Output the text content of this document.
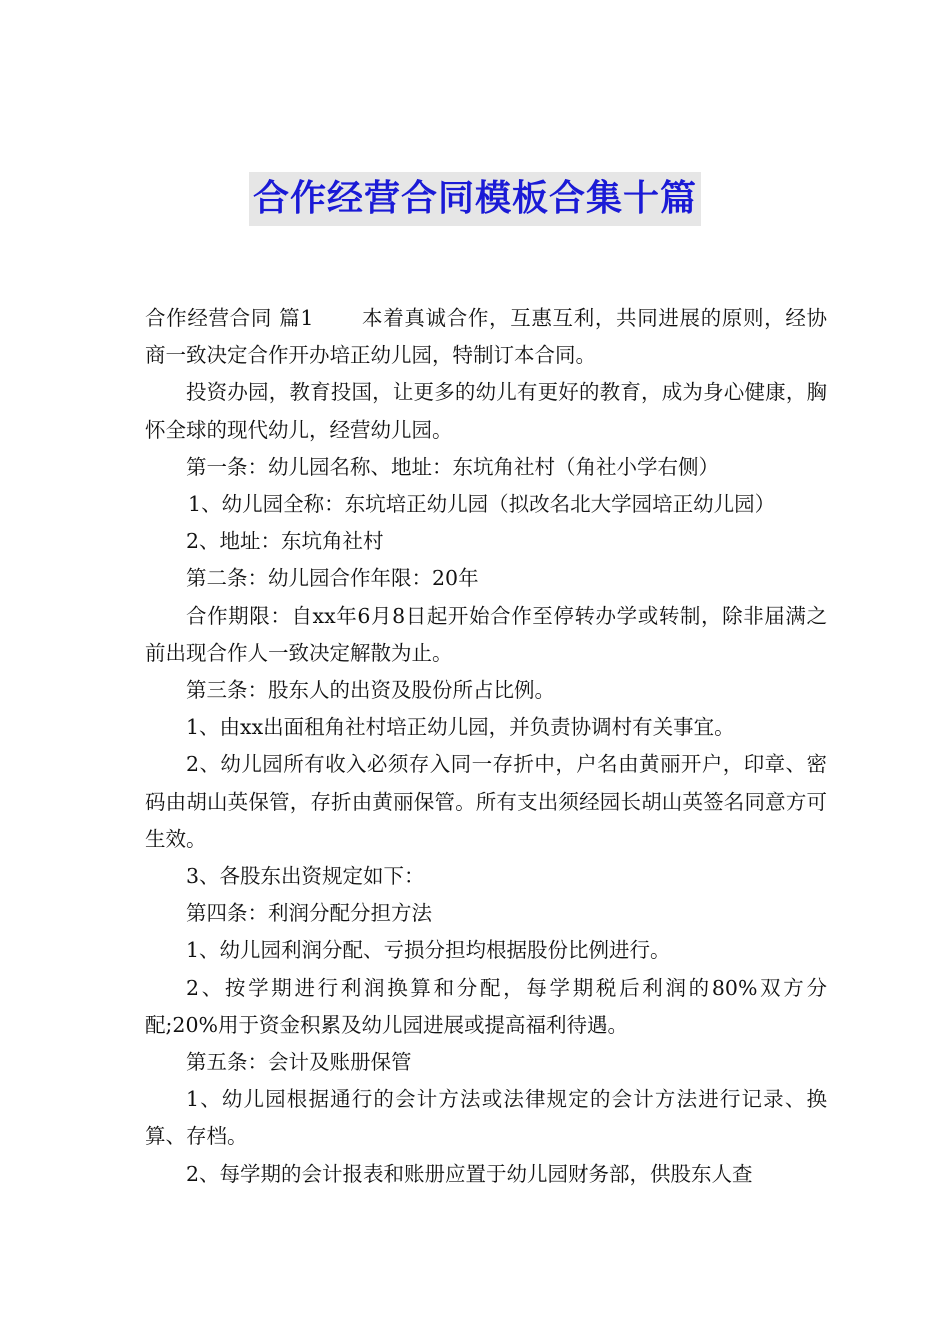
合作经营合同模板合集十篇

合作经营合同 篇1 本着真诚合作，互惠互利，共同进展的原则，经协商一致决定合作开办培正幼儿园，特制订本合同。

投资办园，教育投国，让更多的幼儿有更好的教育，成为身心健康，胸怀全球的现代幼儿，经营幼儿园。

第一条：幼儿园名称、地址：东坑角社村（角社小学右侧）

1、幼儿园全称：东坑培正幼儿园（拟改名北大学园培正幼儿园）

2、地址：东坑角社村

第二条：幼儿园合作年限：20年

合作期限：自xx年6月8日起开始合作至停转办学或转制，除非届满之前出现合作人一致决定解散为止。

第三条：股东人的出资及股份所占比例。

1、由xx出面租角社村培正幼儿园，并负责协调村有关事宜。

2、幼儿园所有收入必须存入同一存折中，户名由黄丽开户，印章、密码由胡山英保管，存折由黄丽保管。所有支出须经园长胡山英签名同意方可生效。

3、各股东出资规定如下：

第四条：利润分配分担方法

1、幼儿园利润分配、亏损分担均根据股份比例进行。

2、按学期进行利润换算和分配，每学期税后利润的80%双方分配;20%用于资金积累及幼儿园进展或提高福利待遇。

第五条：会计及账册保管

1、幼儿园根据通行的会计方法或法律规定的会计方法进行记录、换算、存档。

2、每学期的会计报表和账册应置于幼儿园财务部，供股东人查
